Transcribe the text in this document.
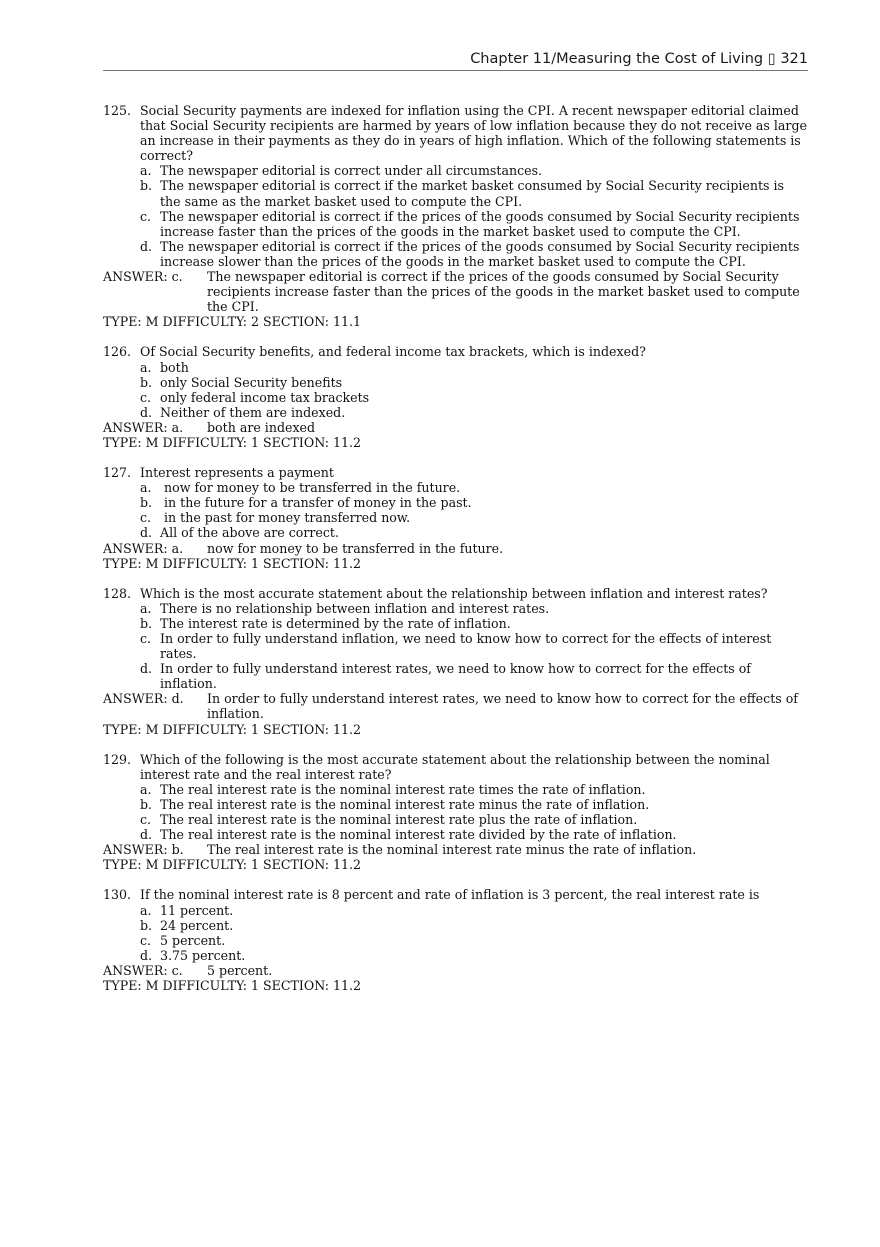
Chapter 11/Measuring the Cost of Living ▯ 321
125. Social Security payments are indexed for inflation using the CPI. A recent newspaper editorial claimed that Social Security recipients are harmed by years of low inflation because they do not receive as large an increase in their payments as they do in years of high inflation. Which of the following statements is correct?
a. The newspaper editorial is correct under all circumstances.
b. The newspaper editorial is correct if the market basket consumed by Social Security recipients is the same as the market basket used to compute the CPI.
c. The newspaper editorial is correct if the prices of the goods consumed by Social Security recipients increase faster than the prices of the goods in the market basket used to compute the CPI.
d. The newspaper editorial is correct if the prices of the goods consumed by Social Security recipients increase slower than the prices of the goods in the market basket used to compute the CPI.
ANSWER: c. The newspaper editorial is correct if the prices of the goods consumed by Social Security recipients increase faster than the prices of the goods in the market basket used to compute the CPI.
TYPE: M DIFFICULTY: 2 SECTION: 11.1
126. Of Social Security benefits, and federal income tax brackets, which is indexed?
a. both
b. only Social Security benefits
c. only federal income tax brackets
d. Neither of them are indexed.
ANSWER: a. both are indexed
TYPE: M DIFFICULTY: 1 SECTION: 11.2
127. Interest represents a payment
a. now for money to be transferred in the future.
b. in the future for a transfer of money in the past.
c. in the past for money transferred now.
d. All of the above are correct.
ANSWER: a. now for money to be transferred in the future.
TYPE: M DIFFICULTY: 1 SECTION: 11.2
128. Which is the most accurate statement about the relationship between inflation and interest rates?
a. There is no relationship between inflation and interest rates.
b. The interest rate is determined by the rate of inflation.
c. In order to fully understand inflation, we need to know how to correct for the effects of interest rates.
d. In order to fully understand interest rates, we need to know how to correct for the effects of inflation.
ANSWER: d. In order to fully understand interest rates, we need to know how to correct for the effects of inflation.
TYPE: M DIFFICULTY: 1 SECTION: 11.2
129. Which of the following is the most accurate statement about the relationship between the nominal interest rate and the real interest rate?
a. The real interest rate is the nominal interest rate times the rate of inflation.
b. The real interest rate is the nominal interest rate minus the rate of inflation.
c. The real interest rate is the nominal interest rate plus the rate of inflation.
d. The real interest rate is the nominal interest rate divided by the rate of inflation.
ANSWER: b. The real interest rate is the nominal interest rate minus the rate of inflation.
TYPE: M DIFFICULTY: 1 SECTION: 11.2
130. If the nominal interest rate is 8 percent and rate of inflation is 3 percent, the real interest rate is
a. 11 percent.
b. 24 percent.
c. 5 percent.
d. 3.75 percent.
ANSWER: c. 5 percent.
TYPE: M DIFFICULTY: 1 SECTION: 11.2
